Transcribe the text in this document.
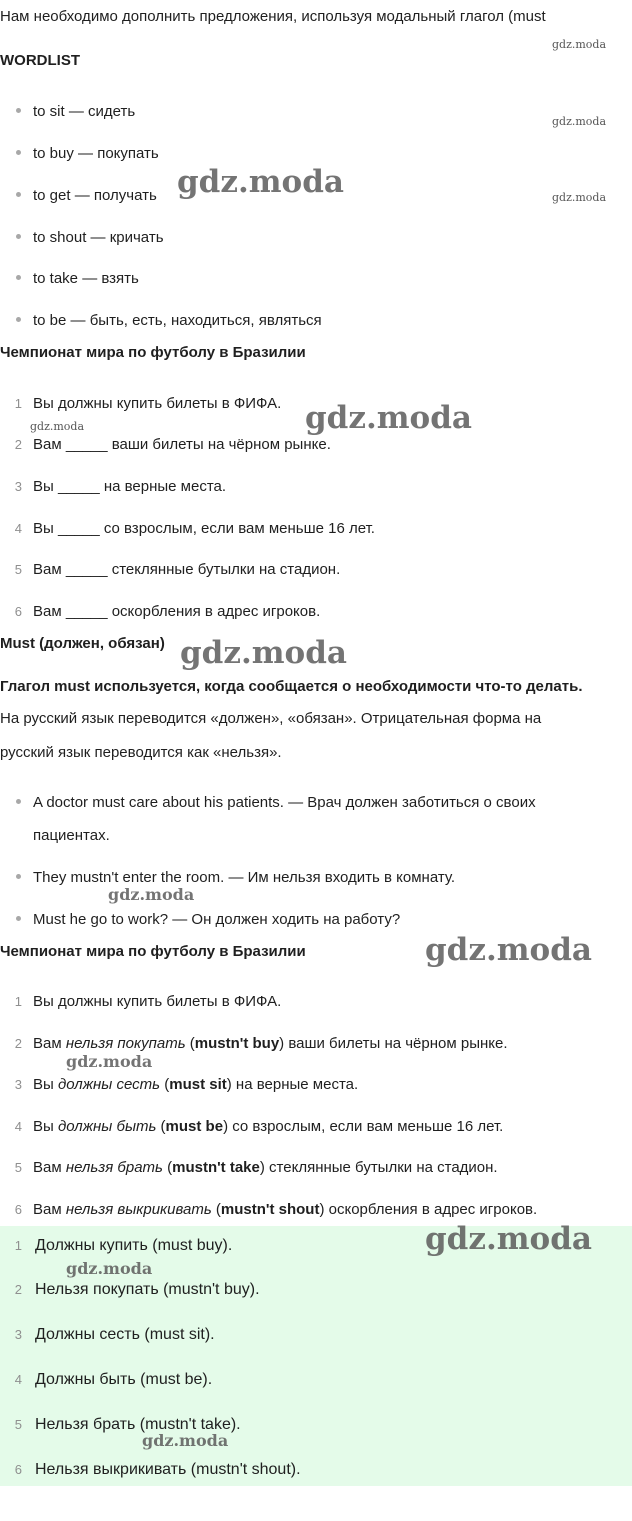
Нам необходимо дополнить предложения, используя модальный глагол (must
WORDLIST
to sit — сидеть
to buy — покупать
to get — получать
to shout — кричать
to take — взять
to be — быть, есть, находиться, являться
Чемпионат мира по футболу в Бразилии
1 Вы должны купить билеты в ФИФА.
2 Вам _____ ваши билеты на чёрном рынке.
3 Вы _____ на верные места.
4 Вы _____ со взрослым, если вам меньше 16 лет.
5 Вам _____ стеклянные бутылки на стадион.
6 Вам _____ оскорбления в адрес игроков.
Must (должен, обязан)
Глагол must используется, когда сообщается о необходимости что-то делать.
На русский язык переводится «должен», «обязан». Отрицательная форма на
русский язык переводится как «нельзя».
A doctor must care about his patients. — Врач должен заботиться о своих
пациентах.
They mustn't enter the room. — Им нельзя входить в комнату.
Must he go to work? — Он должен ходить на работу?
Чемпионат мира по футболу в Бразилии
1 Вы должны купить билеты в ФИФА.
2 Вам нельзя покупать (mustn't buy) ваши билеты на чёрном рынке.
3 Вы должны сесть (must sit) на верные места.
4 Вы должны быть (must be) со взрослым, если вам меньше 16 лет.
5 Вам нельзя брать (mustn't take) стеклянные бутылки на стадион.
6 Вам нельзя выкрикивать (mustn't shout) оскорбления в адрес игроков.
1 Должны купить (must buy).
2 Нельзя покупать (mustn't buy).
3 Должны сесть (must sit).
4 Должны быть (must be).
5 Нельзя брать (mustn't take).
6 Нельзя выкрикивать (mustn't shout).
gdz.moda
gdz.moda
gdz.moda
gdz.moda
gdz.moda
gdz.moda
gdz.moda
gdz.moda
gdz.moda
gdz.moda
gdz.moda
gdz.moda
gdz.moda
